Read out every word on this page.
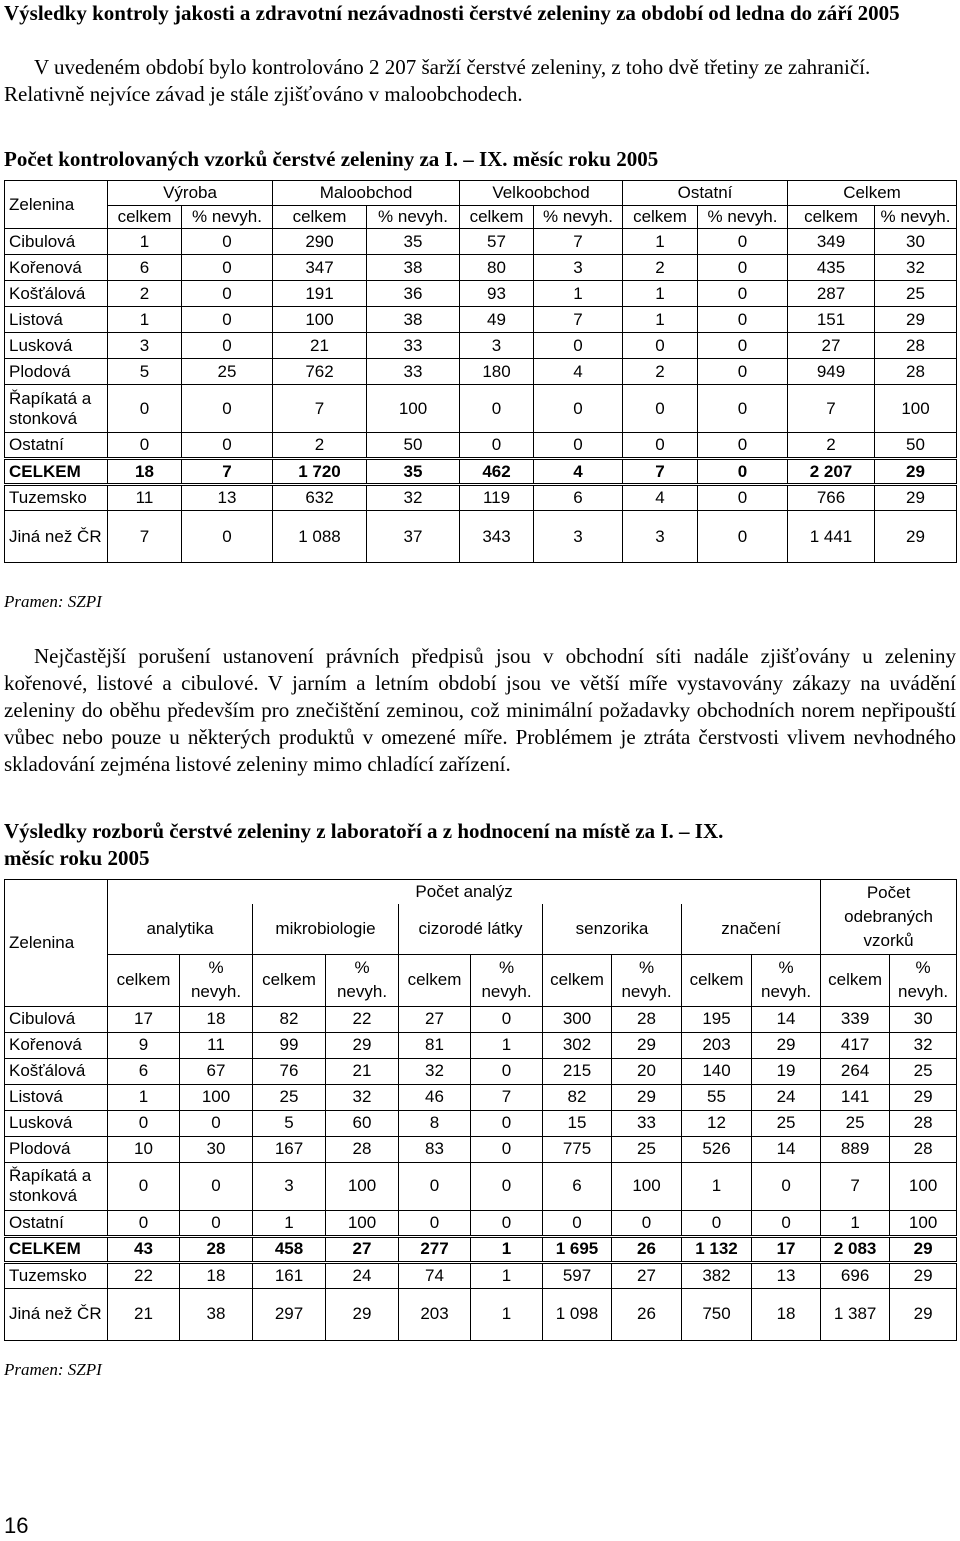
Výsledky kontroly jakosti a zdravotní nezávadnosti čerstvé zeleniny za období od ledna do září 2005

V uvedeném období bylo kontrolováno 2 207 šarží čerstvé zeleniny, z toho dvě třetiny ze zahraničí.

Relativně nejvíce závad je stále zjišťováno v maloobchodech.

Počet kontrolovaných vzorků čerstvé zeleniny za I. – IX. měsíc roku 2005
Zelenina	Výroba		Maloobchod		Velkoobchod		Ostatní		Celkem	
	celkem	% nevyh.	celkem	% nevyh.	celkem	% nevyh.	celkem	% nevyh.	celkem	% nevyh.
Cibulová	1	0	290	35	57	7	1	0	349	30
Kořenová	6	0	347	38	80	3	2	0	435	32
Košťálová	2	0	191	36	93	1	1	0	287	25
Listová	1	0	100	38	49	7	1	0	151	29
Lusková	3	0	21	33	3	0	0	0	27	28
Plodová	5	25	762	33	180	4	2	0	949	28
Řapíkatá a stonková	0	0	7	100	0	0	0	0	7	100
Ostatní	0	0	2	50	0	0	0	0	2	50
CELKEM	18	7	1 720	35	462	4	7	0	2 207	29
Tuzemsko	11	13	632	32	119	6	4	0	766	29
Jiná než ČR	7	0	1 088	37	343	3	3	0	1 441	29
Pramen: SZPI

Nejčastější porušení ustanovení právních předpisů jsou v obchodní síti nadále zjišťovány u zeleniny kořenové, listové a cibulové. V jarním a letním období jsou ve větší míře vystavovány zákazy na uvádění zeleniny do oběhu především pro znečištění zeminou, což minimální požadavky obchodních norem nepřipouští vůbec nebo pouze u některých produktů v omezené míře. Problémem je ztráta čerstvosti vlivem nevhodného skladování zejména listové zeleniny mimo chladící zařízení.

Výsledky rozborů čerstvé zeleniny z laboratoří a z hodnocení na místě za I. – IX. měsíc roku 2005
Zelenina	Počet analýz										Počet odebraných vzorků	
	analytika		mikrobiologie		cizorodé látky		senzorika		značení			
	celkem	% nevyh.	celkem	% nevyh.	celkem	% nevyh.	celkem	% nevyh.	celkem	% nevyh.	celkem	% nevyh.
Cibulová	17	18	82	22	27	0	300	28	195	14	339	30
Kořenová	9	11	99	29	81	1	302	29	203	29	417	32
Košťálová	6	67	76	21	32	0	215	20	140	19	264	25
Listová	1	100	25	32	46	7	82	29	55	24	141	29
Lusková	0	0	5	60	8	0	15	33	12	25	25	28
Plodová	10	30	167	28	83	0	775	25	526	14	889	28
Řapíkatá a stonková	0	0	3	100	0	0	6	100	1	0	7	100
Ostatní	0	0	1	100	0	0	0	0	0	0	1	100
CELKEM	43	28	458	27	277	1	1 695	26	1 132	17	2 083	29
Tuzemsko	22	18	161	24	74	1	597	27	382	13	696	29
Jiná než ČR	21	38	297	29	203	1	1 098	26	750	18	1 387	29
Pramen: SZPI
16
